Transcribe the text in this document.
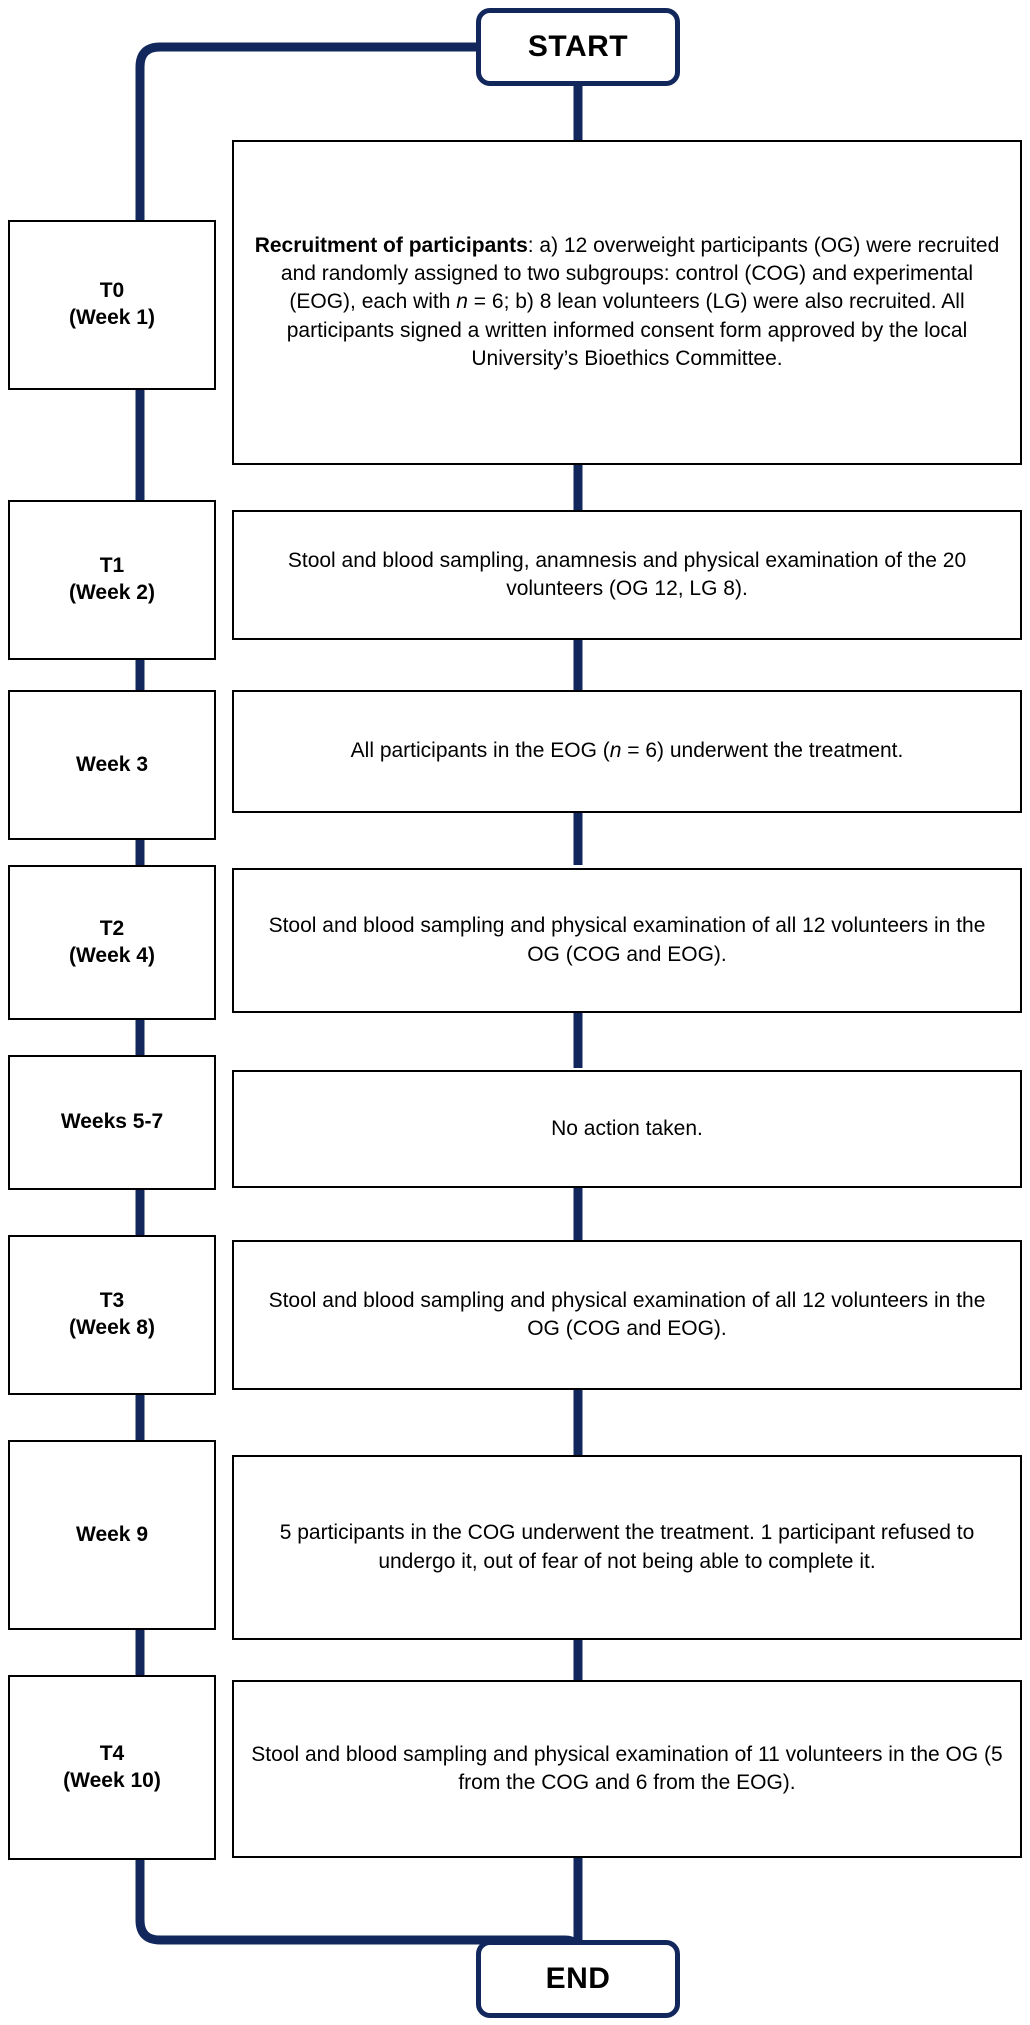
START
T0
(Week 1)
Recruitment of participants: a) 12 overweight participants (OG) were recruited and randomly assigned to two subgroups: control (COG) and experimental (EOG), each with n = 6; b) 8 lean volunteers (LG) were also recruited. All participants signed a written informed consent form approved by the local University’s Bioethics Committee.
T1
(Week 2)
Stool and blood sampling, anamnesis and physical examination of the 20 volunteers (OG 12, LG 8).
Week 3
All participants in the EOG (n = 6) underwent the treatment.
T2
(Week 4)
Stool and blood sampling and physical examination of all 12 volunteers in the OG (COG and EOG).
Weeks 5-7	No action taken.
T3
(Week 8)
Stool and blood sampling and physical examination of all 12 volunteers in the OG (COG and EOG).
Week 9	5 participants in the COG underwent the treatment. 1 participant refused to undergo it, out of fear of not being able to complete it.
T4
(Week 10)
Stool and blood sampling and physical examination of 11 volunteers in the OG (5 from the COG and 6 from the EOG).
END
